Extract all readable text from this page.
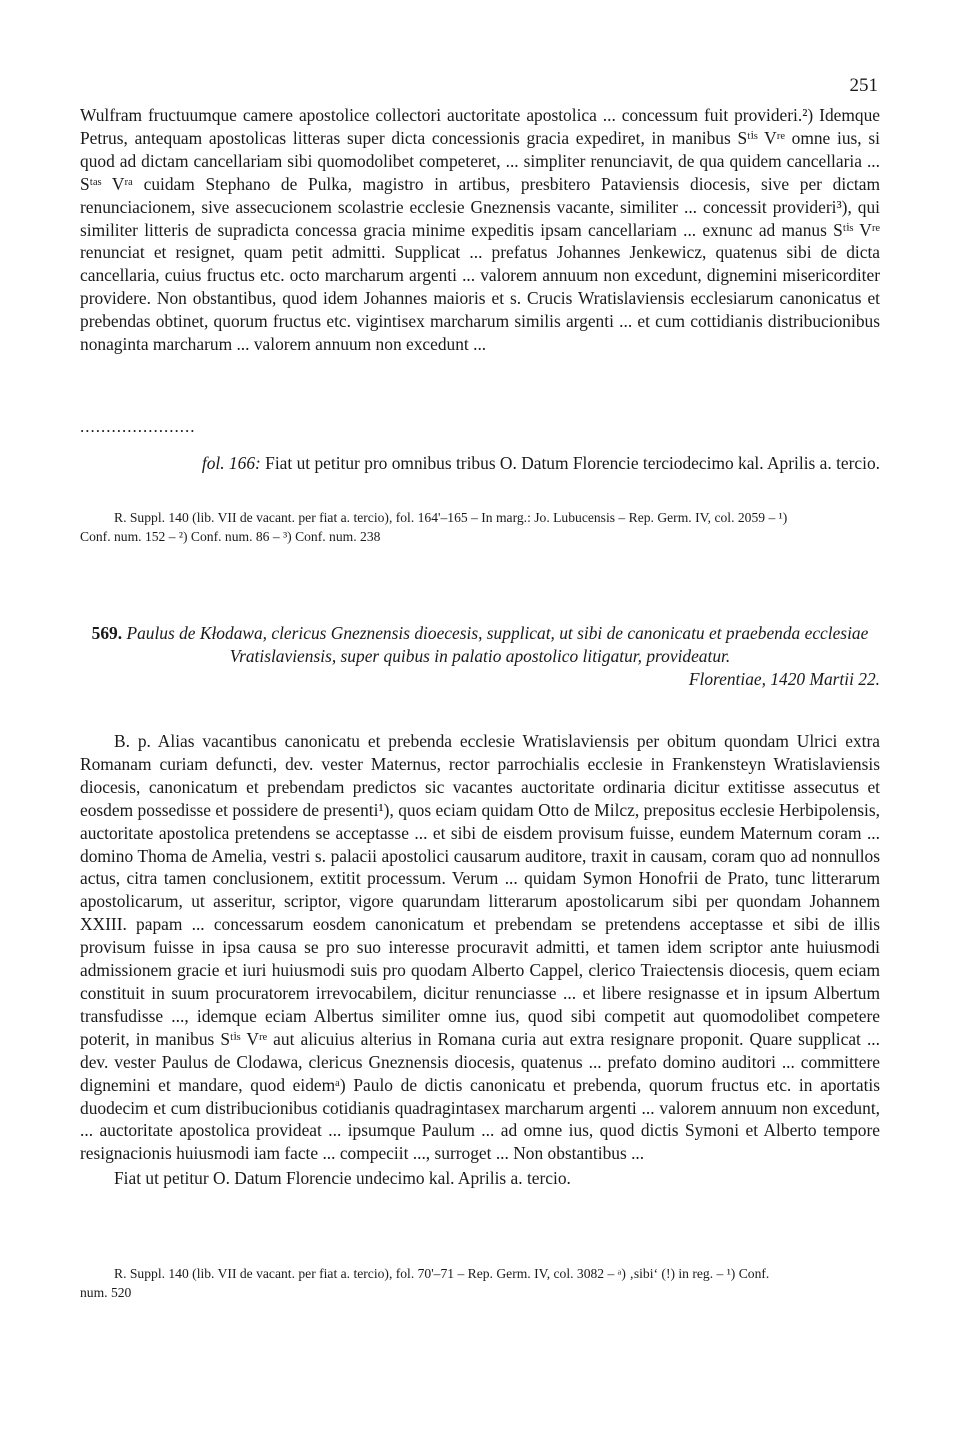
251

Wulfram fructuumque camere apostolice collectori auctoritate apostolica ... concessum fuit provideri.²) Idemque Petrus, antequam apostolicas litteras super dicta concessionis gracia expediret, in manibus Sᵗⁱˢ Vʳᵉ omne ius, si quod ad dictam cancellariam sibi quomodolibet competeret, ... simpliter renunciavit, de qua quidem cancellaria ... Sᵗᵃˢ Vʳᵃ cuidam Stephano de Pulka, magistro in artibus, presbitero Pataviensis diocesis, sive per dictam renunciacionem, sive assecucionem scolastrie ecclesie Gneznensis vacante, similiter ... concessit provideri³), qui similiter litteris de supradicta concessa gracia minime expeditis ipsam cancellariam ... exnunc ad manus Sᵗⁱˢ Vʳᵉ renunciat et resignet, quam petit admitti. Supplicat ... prefatus Johannes Jenkewicz, quatenus sibi de dicta cancellaria, cuius fructus etc. octo marcharum argenti ... valorem annuum non excedunt, dignemini misericorditer providere. Non obstantibus, quod idem Johannes maioris et s. Crucis Wratislaviensis ecclesiarum canonicatus et prebendas obtinet, quorum fructus etc. vigintisex marcharum similis argenti ... et cum cottidianis distribucionibus nonaginta marcharum ... valorem annuum non excedunt ...

......................
fol. 166: Fiat ut petitur pro omnibus tribus O. Datum Florencie terciodecimo kal. Aprilis a. tercio.
R. Suppl. 140 (lib. VII de vacant. per fiat a. tercio), fol. 164'–165 – In marg.: Jo. Lubucensis – Rep. Germ. IV, col. 2059 – ¹)
Conf. num. 152 – ²) Conf. num. 86 – ³) Conf. num. 238
569. Paulus de Kłodawa, clericus Gneznensis dioecesis, supplicat, ut sibi de canonicatu et praebenda ecclesiae
Vratislaviensis, super quibus in palatio apostolico litigatur, provideatur.
Florentiae, 1420 Martii 22.

B. p. Alias vacantibus canonicatu et prebenda ecclesie Wratislaviensis per obitum quondam Ulrici extra Romanam curiam defuncti, dev. vester Maternus, rector parrochialis ecclesie in Frankensteyn Wratislaviensis diocesis, canonicatum et prebendam predictos sic vacantes auctoritate ordinaria dicitur extitisse assecutus et eosdem possedisse et possidere de presenti¹), quos eciam quidam Otto de Milcz, prepositus ecclesie Herbipolensis, auctoritate apostolica pretendens se acceptasse ... et sibi de eisdem provisum fuisse, eundem Maternum coram ... domino Thoma de Amelia, vestri s. palacii apostolici causarum auditore, traxit in causam, coram quo ad nonnullos actus, citra tamen conclusionem, extitit processum. Verum ... quidam Symon Honofrii de Prato, tunc litterarum apostolicarum, ut asseritur, scriptor, vigore quarundam litterarum apostolicarum sibi per quondam Johannem XXIII. papam ... concessarum eosdem canonicatum et prebendam se pretendens acceptasse et sibi de illis provisum fuisse in ipsa causa se pro suo interesse procuravit admitti, et tamen idem scriptor ante huiusmodi admissionem gracie et iuri huiusmodi suis pro quodam Alberto Cappel, clerico Traiectensis diocesis, quem eciam constituit in suum procuratorem irrevocabilem, dicitur renunciasse ... et libere resignasse et in ipsum Albertum transfudisse ..., idemque eciam Albertus similiter omne ius, quod sibi competit aut quomodolibet competere poterit, in manibus Sᵗⁱˢ Vʳᵉ aut alicuius alterius in Romana curia aut extra resignare proponit. Quare supplicat ... dev. vester Paulus de Clodawa, clericus Gneznensis diocesis, quatenus ... prefato domino auditori ... committere dignemini et mandare, quod eidemᵃ) Paulo de dictis canonicatu et prebenda, quorum fructus etc. in aportatis duodecim et cum distribucionibus cotidianis quadragintasex marcharum argenti ... valorem annuum non excedunt, ... auctoritate apostolica provideat ... ipsumque Paulum ... ad omne ius, quod dictis Symoni et Alberto tempore resignacionis huiusmodi iam facte ... compeciit ..., surroget ... Non obstantibus ...

Fiat ut petitur O. Datum Florencie undecimo kal. Aprilis a. tercio.

R. Suppl. 140 (lib. VII de vacant. per fiat a. tercio), fol. 70'–71 – Rep. Germ. IV, col. 3082 – ᵃ) ‚sibi‘ (!) in reg. – ¹) Conf.
num. 520
